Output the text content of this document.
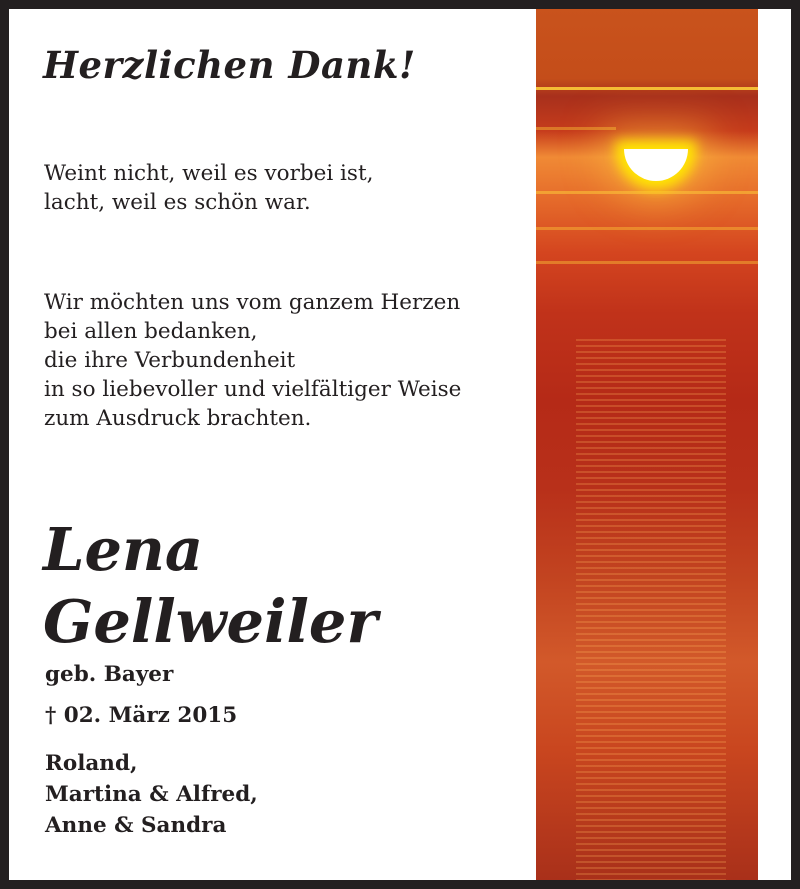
Herzlichen Dank!

Weint nicht, weil es vorbei ist,
lacht, weil es schön war.

Wir möchten uns vom ganzem Herzen
bei allen bedanken,
die ihre Verbundenheit
in so liebevoller und vielfältiger Weise
zum Ausdruck brachten.

Lena
Gellweiler

geb. Bayer

† 02. März 2015

Roland,
Martina & Alfred,
Anne & Sandra
